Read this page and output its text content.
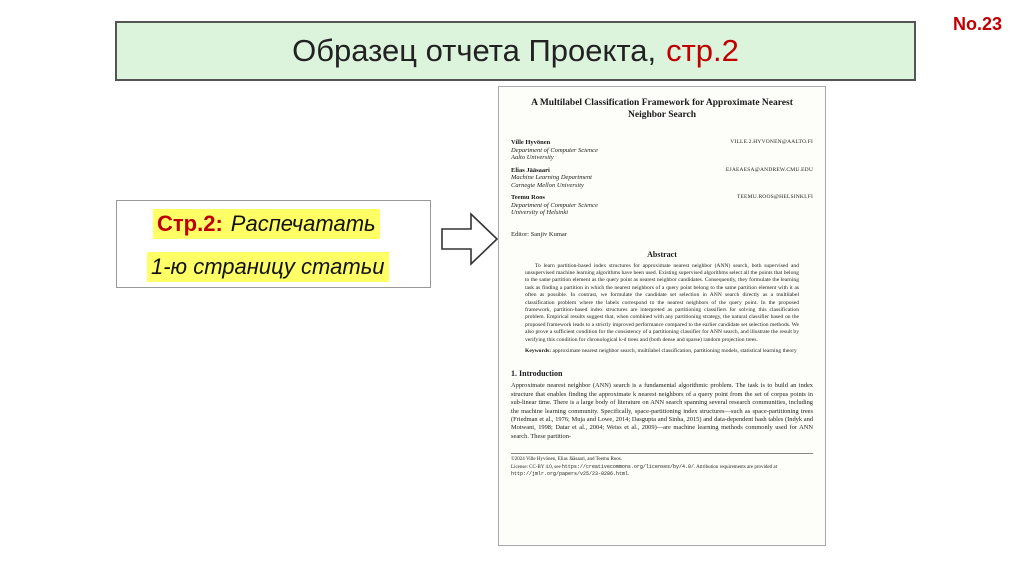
No.23
Образец отчета Проекта, стр.2
Стр.2: Распечатать
1-ю страницу статьи
A Multilabel Classification Framework for Approximate Nearest Neighbor Search
Ville Hyvönen	VILLE.2.HYVONEN@AALTO.FI
Department of Computer Science
Aalto University
Elias Jääsaari	EJAEAESA@ANDREW.CMU.EDU
Machine Learning Department
Carnegie Mellon University
Teemu Roos	TEEMU.ROOS@HELSINKI.FI
Department of Computer Science
University of Helsinki
Editor: Sanjiv Kumar
Abstract
To learn partition-based index structures for approximate nearest neighbor (ANN) search, both supervised and unsupervised machine learning algorithms have been used. Existing supervised algorithms select all the points that belong to the same partition element as the query point as nearest neighbor candidates. Consequently, they formulate the learning task as finding a partition in which the nearest neighbors of a query point belong to the same partition element with it as often as possible. In contrast, we formulate the candidate set selection in ANN search directly as a multilabel classification problem where the labels correspond to the nearest neighbors of the query point. In the proposed framework, partition-based index structures are interpreted as partitioning classifiers for solving this classification problem. Empirical results suggest that, when combined with any partitioning strategy, the natural classifier based on the proposed framework leads to a strictly improved performance compared to the earlier candidate set selection methods. We also prove a sufficient condition for the consistency of a partitioning classifier for ANN search, and illustrate the result by verifying this condition for chronological k-d trees and (both dense and sparse) random projection trees.
Keywords: approximate nearest neighbor search, multilabel classification, partitioning models, statistical learning theory
1. Introduction
Approximate nearest neighbor (ANN) search is a fundamental algorithmic problem. The task is to build an index structure that enables finding the approximate k nearest neighbors of a query point from the set of corpus points in sub-linear time. There is a large body of literature on ANN search spanning several research communities, including the machine learning community. Specifically, space-partitioning index structures—such as space-partitioning trees (Friedman et al., 1976; Muja and Lowe, 2014; Dasgupta and Sinha, 2015) and data-dependent hash tables (Indyk and Motwani, 1998; Datar et al., 2004; Weiss et al., 2009)—are machine learning methods commonly used for ANN search. These partition-
©2024 Ville Hyvönen, Elias Jääsaari, and Teemu Roos.
License: CC-BY 4.0, see https://creativecommons.org/licenses/by/4.0/. Attribution requirements are provided at http://jmlr.org/papers/v25/23-0286.html.
